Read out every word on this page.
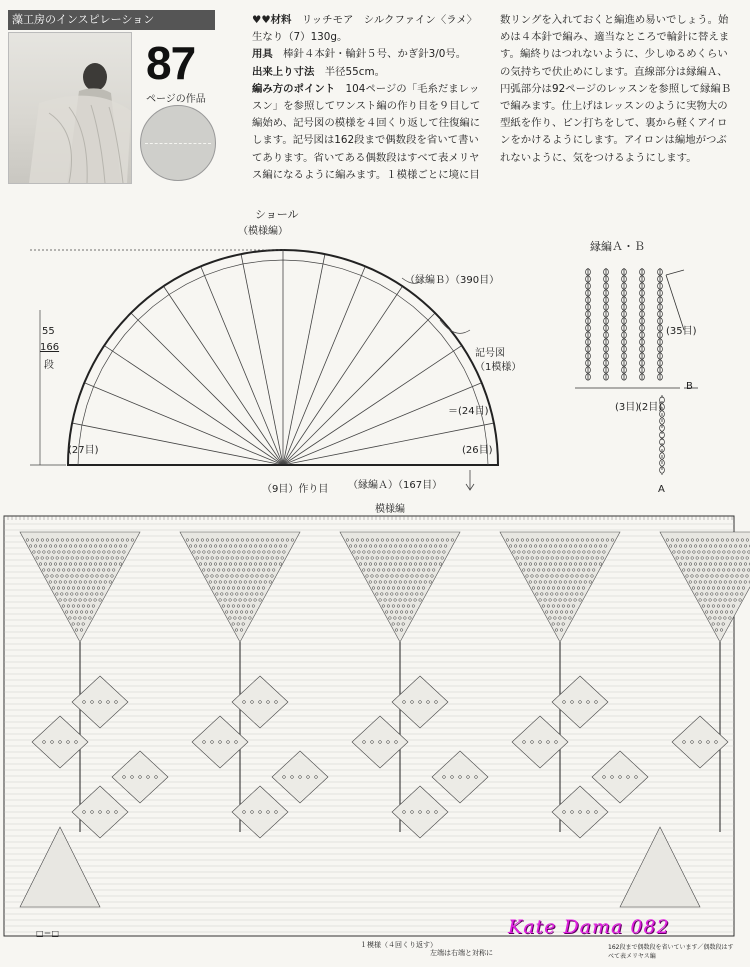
藻工房のインスピレーション
87
ページの作品

♥♥材料　 リッチモア　シルクファイン〈ラメ〉

生なり（7）130g。

用具　 棒針４本針・輪針５号、かぎ針3/0号。

出来上り寸法　 半径55cm。

編み方のポイント　 104ページの「毛糸だまレッ

スン」を参照してワンスト編の作り目を９目して

編始め、記号図の模様を４回くり返して往復編に

します。記号図は162段まで偶数段を省いて書い

てあります。省いてある偶数段はすべて表メリヤ

ス編になるように編みます。１模様ごとに境に目

数リングを入れておくと編進め易いでしょう。始

めは４本針で編み、適当なところで輪針に替えま

す。編終りはつれないように、少しゆるめくらい

の気持ちで伏止めにします。直線部分は縁編Ａ、

円弧部分は92ページのレッスンを参照して縁編Ｂ

で編みます。仕上げはレッスンのように実物大の

型紙を作り、ピン打ちをして、裏から軽くアイロ

ンをかけるようにします。アイロンは編地がつぶ

れないように、気をつけるようにします。

ショール
（模様編）
（縁編Ｂ）（390目）
記号図
（1模様）
＝(24目)
(26目)
(27目)
（9目）作り目 （縁編Ａ）（167目）
55
166
段
縁編Ａ・Ｂ
(35目)
(3目)
(2目)
B
A
模様編
□＝□
１模様（４回くり返す）
左端は右端と対称に
162段まで偶数段を省いています／偶数段はすべて表メリヤス編
Kate Dama 082
